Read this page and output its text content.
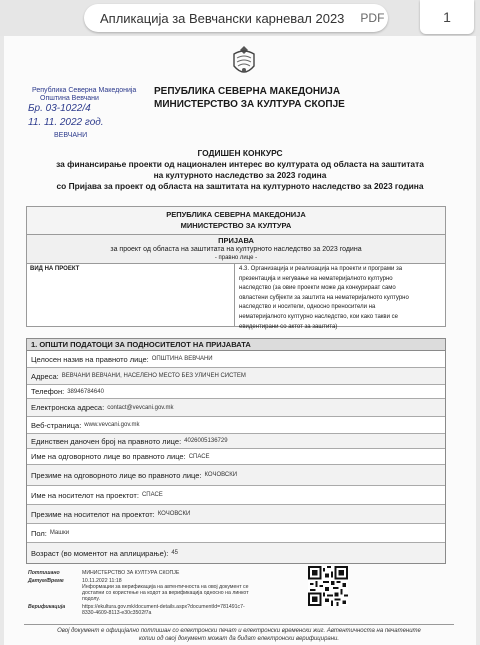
Апликација за Вевчански карневал 2023 PDF	1
Република Северна Македонија
Општина Вевчани
Бр. 03-1022/4
11. 11. 2022 год.
ВЕВЧАНИ
РЕПУБЛИКА СЕВЕРНА МАКЕДОНИЈА
МИНИСТЕРСТВО ЗА КУЛТУРА СКОПЈЕ
ГОДИШЕН КОНКУРС
за финансирање проекти од национален интерес во културата од областа на заштитата
на културното наследство за 2023 година
со Пријава за проект од областа на заштитата на културното наследство за 2023 година
РЕПУБЛИКА СЕВЕРНА МАКЕДОНИЈА
МИНИСТЕРСТВО ЗА КУЛТУРА
ПРИЈАВА
за проект од областа на заштитата на културното наследство за 2023 година
- правно лице -
ВИД НА ПРОЕКТ	4.3. Организација и реализација на проекти и програми за
презентација и негување на нематеријалното културно
наследство (за овие проекти може да конкурираат само
овластени субјекти за заштита на нематеријалното културно
наследство и носители, односно преносители на
нематеријалното културно наследство, кои како такви се
евидентирани со актот за заштита)
1. ОПШТИ ПОДАТОЦИ ЗА ПОДНОСИТЕЛОТ НА ПРИЈАВАТА
Целосен назив на правното лице: ОПШТИНА ВЕВЧАНИ
Адреса: ВЕВЧАНИ ВЕВЧАНИ, НАСЕЛЕНО МЕСТО БЕЗ УЛИЧЕН СИСТЕМ
Телефон: 38946784640
Електронска адреса: contact@vevcani.gov.mk
Веб-страница: www.vevcani.gov.mk
Единствен даночен број на правното лице: 4026005136729
Име на одговорното лице во правното лице: СПАСЕ
Презиме на одговорното лице во правното лице: КОЧОВСКИ
Име на носителот на проектот: СПАСЕ
Презиме на носителот на проектот: КОЧОВСКИ
Пол: Машки
Возраст (во моментот на аплицирање): 45
Потпишано	МИНИСТЕРСТВО ЗА КУЛТУРА СКОПЈЕ
Датум/Време	10.11.2022 11:18
Информации за верификација на автентичноста на овој документ се
достапни со користење на кодот за верификација односно на линкот
подолу.
Верификација	https://ekultura.gov.mk/document-details.aspx?documentId=781491c7-
8330-4609-8113-e30c3502f7a
Овој документ е официјално потпишан со електронски печат и електронски временски жиг. Автентичноста на печатените
копии од овој документ можат да бидат електронски верифицирани.
